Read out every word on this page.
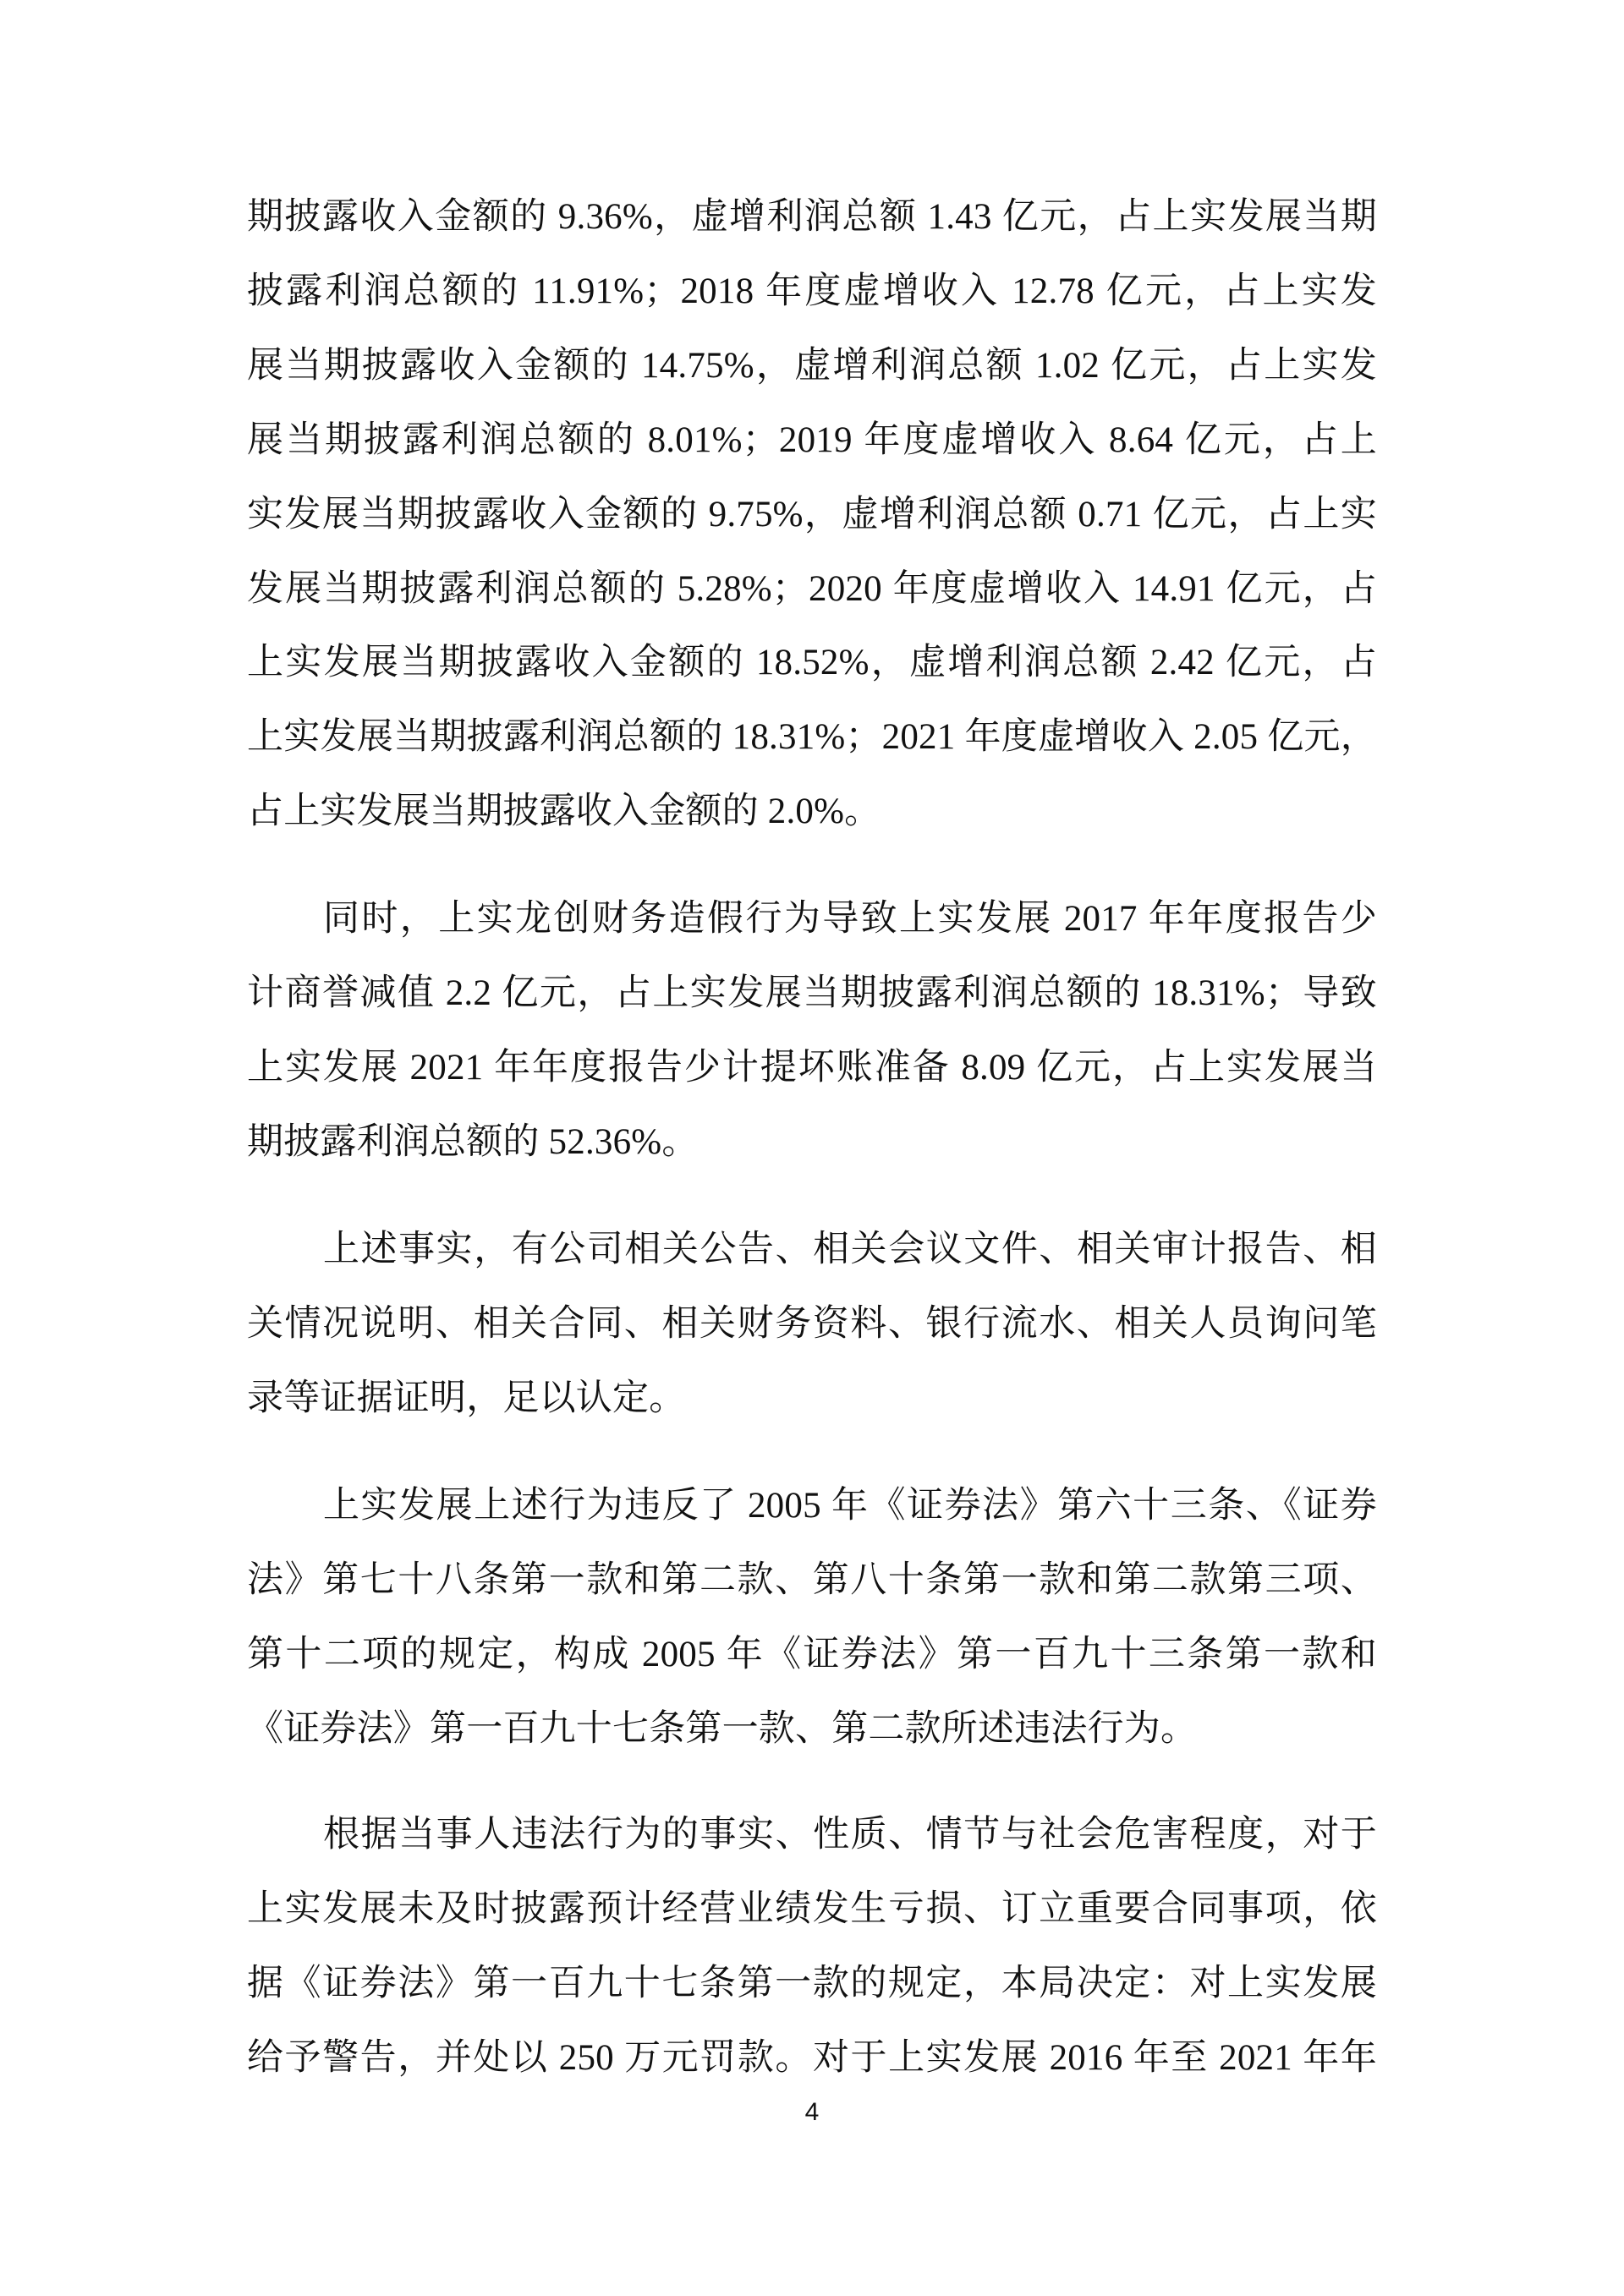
期披露收入金额的 9.36%，虚增利润总额 1.43 亿元，占上实发展当期
披露利润总额的 11.91%；2018 年度虚增收入 12.78 亿元，占上实发
展当期披露收入金额的 14.75%，虚增利润总额 1.02 亿元，占上实发
展当期披露利润总额的 8.01%；2019 年度虚增收入 8.64 亿元，占上
实发展当期披露收入金额的 9.75%，虚增利润总额 0.71 亿元，占上实
发展当期披露利润总额的 5.28%；2020 年度虚增收入 14.91 亿元，占
上实发展当期披露收入金额的 18.52%，虚增利润总额 2.42 亿元，占
上实发展当期披露利润总额的 18.31%；2021 年度虚增收入 2.05 亿元，
占上实发展当期披露收入金额的 2.0%。
同时，上实龙创财务造假行为导致上实发展 2017 年年度报告少
计商誉减值 2.2 亿元，占上实发展当期披露利润总额的 18.31%；导致
上实发展 2021 年年度报告少计提坏账准备 8.09 亿元，占上实发展当
期披露利润总额的 52.36%。
上述事实，有公司相关公告、相关会议文件、相关审计报告、相
关情况说明、相关合同、相关财务资料、银行流水、相关人员询问笔
录等证据证明，足以认定。
上实发展上述行为违反了 2005 年《证券法》第六十三条、《证券
法》第七十八条第一款和第二款、第八十条第一款和第二款第三项、
第十二项的规定，构成 2005 年《证券法》第一百九十三条第一款和
《证券法》第一百九十七条第一款、第二款所述违法行为。
根据当事人违法行为的事实、性质、情节与社会危害程度，对于
上实发展未及时披露预计经营业绩发生亏损、订立重要合同事项，依
据《证券法》第一百九十七条第一款的规定，本局决定：对上实发展
给予警告，并处以 250 万元罚款。对于上实发展 2016 年至 2021 年年
4
